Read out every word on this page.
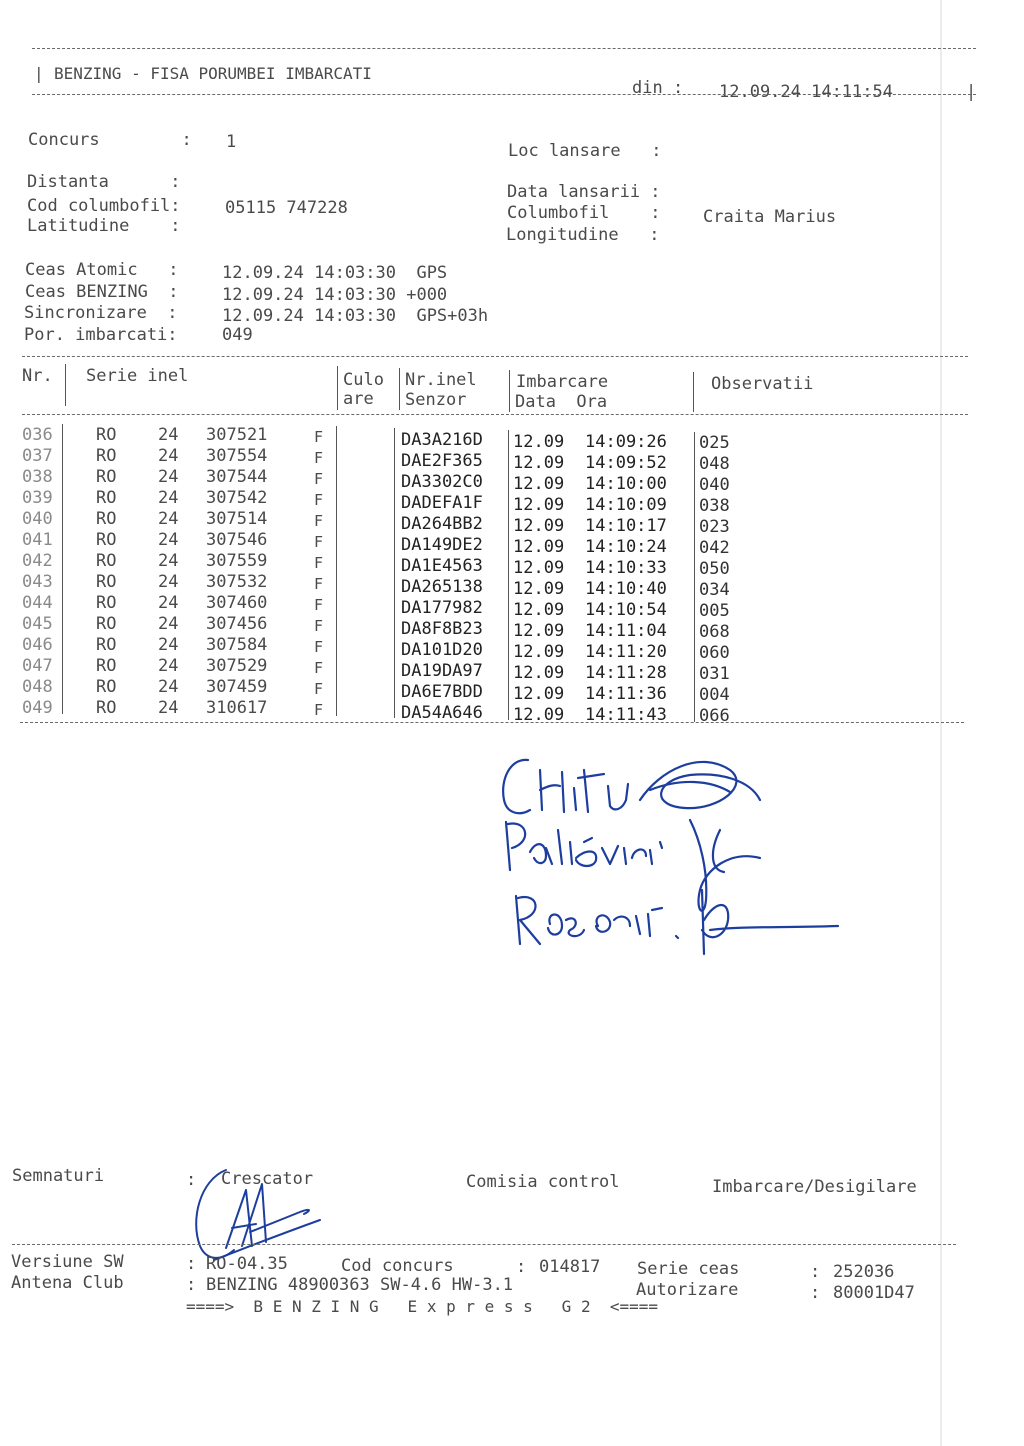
| BENZING - FISA PORUMBEI IMBARCATI
din : 12.09.24 14:11:54	|
Concurs        : 1	Loc lansare   :
Distanta      :
Cod columbofil:	05115 747228
Latitudine    :
Data lansarii :
Columbofil    : Craita Marius
Longitudine   :
Ceas Atomic   :	12.09.24 14:03:30  GPS
Ceas BENZING  :	12.09.24 14:03:30 +000
Sincronizare  :	12.09.24 14:03:30  GPS+03h
Por. imbarcati:	049
Nr. Serie inel	Culo
are
Nr.inel
Senzor
Imbarcare
Data  Ora
Observatii
036	RO 24 307521	F	DA3A216D 12.09 14:09:26 025
037	RO 24 307554	F	DAE2F365 12.09 14:09:52 048
038	RO 24 307544	F	DA3302C0 12.09 14:10:00 040
039	RO 24 307542	F	DADEFA1F 12.09 14:10:09 038
040	RO 24 307514	F	DA264BB2 12.09 14:10:17 023
041	RO 24 307546	F	DA149DE2 12.09 14:10:24 042
042	RO 24 307559	F	DA1E4563 12.09 14:10:33 050
043	RO 24 307532	F	DA265138 12.09 14:10:40 034
044	RO 24 307460	F	DA177982 12.09 14:10:54 005
045	RO 24 307456	F	DA8F8B23 12.09 14:11:04 068
046	RO 24 307584	F	DA101D20 12.09 14:11:20 060
047	RO 24 307529	F	DA19DA97 12.09 14:11:28 031
048	RO 24 307459	F	DA6E7BDD 12.09 14:11:36 004
049	RO 24 310617	F	DA54A646 12.09 14:11:43 066
Semnaturi	: Crescator	Comisia control	Imbarcare/Desigilare
Versiune SW	: RO-04.35	Cod concurs	: 014817 Serie ceas	: 252036
Antena Club	: BENZING 48900363 SW-4.6 HW-3.1	Autorizare	: 80001D47
====>  B E N Z I N G   E x p r e s s   G 2  <====
